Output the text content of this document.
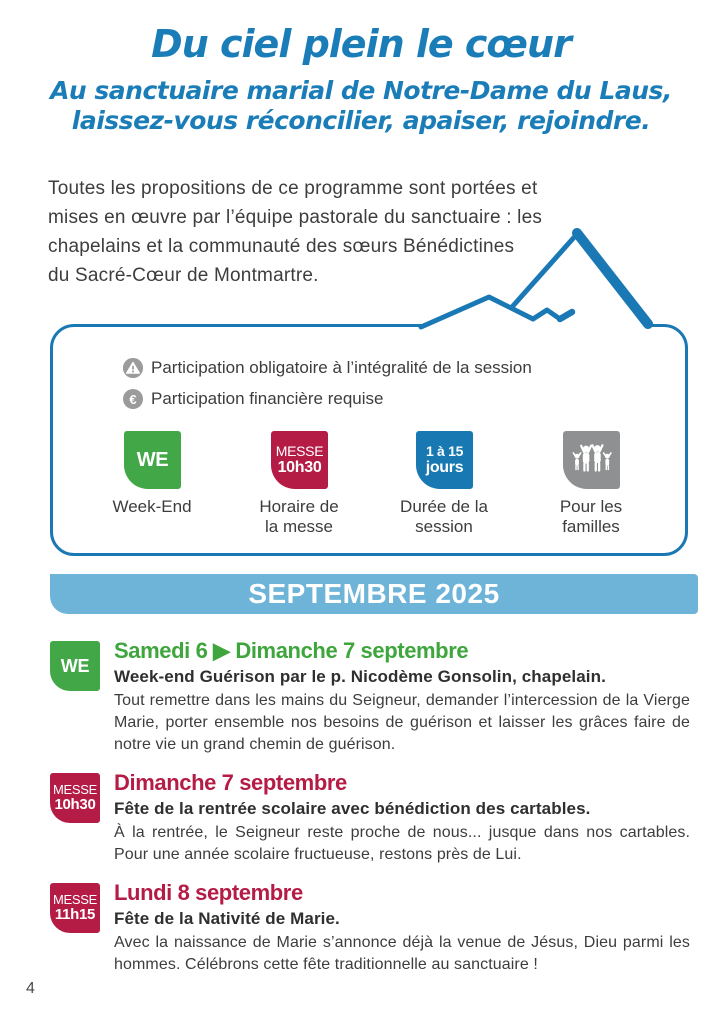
Du ciel plein le cœur
Au sanctuaire marial de Notre-Dame du Laus,
laissez-vous réconcilier, apaiser, rejoindre.
Toutes les propositions de ce programme sont portées et
mises en œuvre par l’équipe pastorale du sanctuaire : les
chapelains et la communauté des sœurs Bénédictines
du Sacré-Cœur de Montmartre.
Participation obligatoire à l’intégralité de la session
€ Participation financière requise
WE	MESSE
10h30
1 à 15
jours
Week-End	Horaire de la messe
Durée de la session
Pour les familles
SEPTEMBRE 2025
WE
Samedi 6 ▶ Dimanche 7 septembre
Week-end Guérison par le p. Nicodème Gonsolin, chapelain.
Tout remettre dans les mains du Seigneur, demander l’intercession de la Vierge Marie, porter ensemble nos besoins de guérison et laisser les grâces faire de notre vie un grand chemin de guérison.
MESSE
10h30
Dimanche 7 septembre
Fête de la rentrée scolaire avec bénédiction des cartables.
À la rentrée, le Seigneur reste proche de nous... jusque dans nos cartables. Pour une année scolaire fructueuse, restons près de Lui.
MESSE
11h15
Lundi 8 septembre
Fête de la Nativité de Marie.
Avec la naissance de Marie s’annonce déjà la venue de Jésus, Dieu parmi les hommes. Célébrons cette fête traditionnelle au sanctuaire !
4
